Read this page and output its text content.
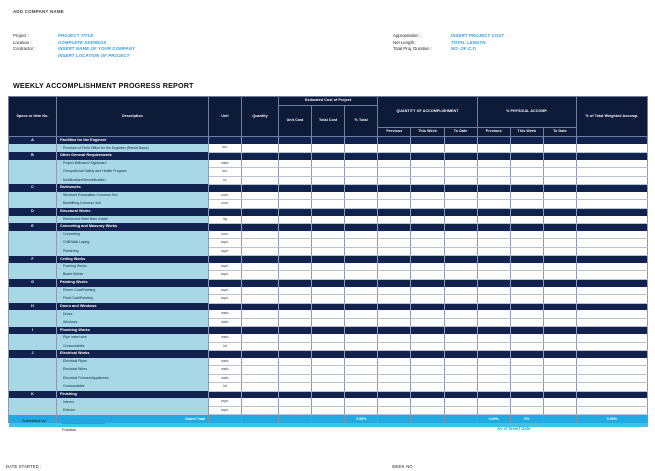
ADD COMPANY NAME
Project :	PROJECT TITLE
Location :	COMPLETE ADDRESS
Contractor :	INSERT NAME OF YOUR COMPANY
INSERT LOCATION OF PROJECT
Appropriation :	INSERT PROJECT COST
Net Length :	TOTAL LENGTH
Total Proj. Duration :	NO. OF C.D
WEEKLY ACCOMPLISHMENT PROGRESS REPORT
Specs or Item No.	Description	Unit	Quantity	Estimated Cost of Project			QUANTITY OF ACCOMPLISHMENT			% PHYSICAL ACCOMP.			% of Total Weighted Accomp.
				Unit Cost	Total Cost	% Total							
							Previous	This Week	To Date	Previous	This Week	To Date	
A	Facilities for the Engineer												
	Provision of Field Office for the Engineer (Rental Basis)	mo.											
B	Other General Requirements												
	Project Billboard/ Signboard	each											
	Occupational Safety and Health Program	mo.											
	Mobilization/Demobilization	l.s.											
C	Earthworks												
	Structure Excavation-Common Soil	cu.m.											
	Backfilling-Common Soil	cu.m.											
D	Structural Works												
	Reinforced Steel Bars Grade	kg											
E	Concreting and Masonry Works												
	Concreting	cu.m.											
	CHB/Wall Laying	sq.m.											
	Plastering	sq.m.											
F	Ceiling Works												
	Framing Works	sq.m.											
	Board Works	sq.m.											
G	Painting Works												
	Primer Coat/Painting	sq.m.											
	Final Coat/Painting	sq.m.											
H	Doors and Windows												
	Doors	each											
	Windows	each											
I	Plumbing Works												
	Pipe insert size	each											
	Consumables	lot											
J	Electrical Works												
	Electrical Pipes	each											
	Electrical Wires	each											
	Electrical Fixtures/Appliances	each											
	Consumables	lot											
K	Finishing												
	Interior	sq.m.											
	Exterior	sq.m.											
	Grand Total					0.00%				0.00%	0%		0.00%

Submitted by:	INSERT YOUR NAME
Position	As of Insert Date
DATE STARTED :	WEEK NO :
